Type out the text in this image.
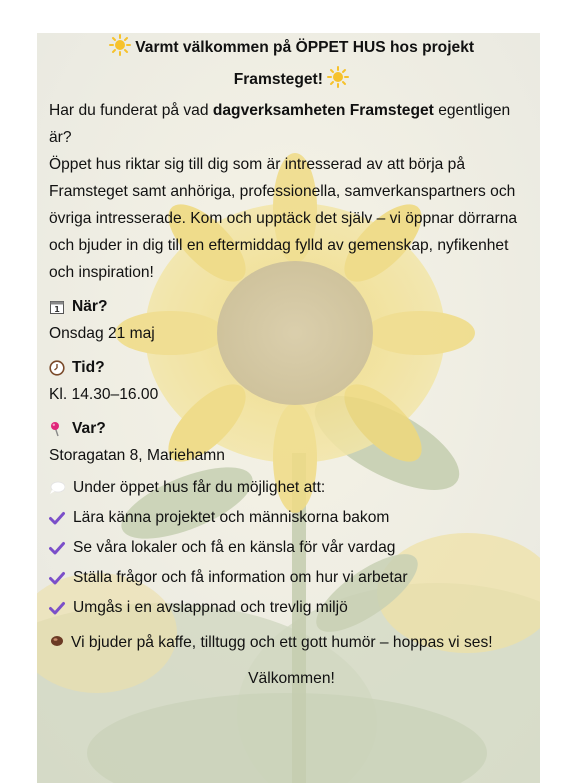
Varmt välkommen på ÖPPET HUS hos projekt
Framsteget!
Har du funderat på vad dagverksamheten Framsteget egentligen är?
Öppet hus riktar sig till dig som är intresserad av att börja på Framsteget samt anhöriga, professionella, samverkanspartners och övriga intresserade. Kom och upptäck det själv – vi öppnar dörrarna och bjuder in dig till en eftermiddag fylld av gemenskap, nyfikenhet och inspiration!
1 När?
Onsdag 21 maj
Tid?
Kl. 14.30–16.00
Var?
Storagatan 8, Mariehamn
Under öppet hus får du möjlighet att:
Lära känna projektet och människorna bakom
Se våra lokaler och få en känsla för vår vardag
Ställa frågor och få information om hur vi arbetar
Umgås i en avslappnad och trevlig miljö
Vi bjuder på kaffe, tilltugg och ett gott humör – hoppas vi ses!
Välkommen!
